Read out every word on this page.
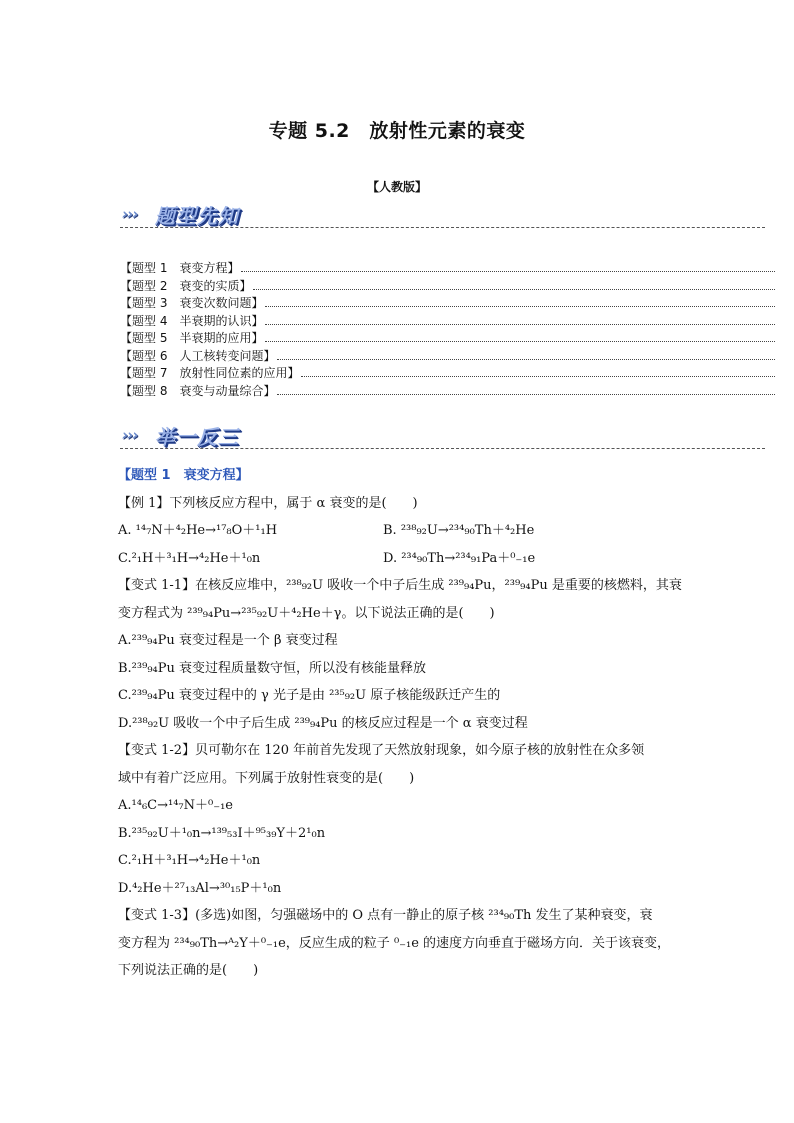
专题 5.2　放射性元素的衰变
【人教版】
››› 题型先知
【题型 1　衰变方程】
【题型 2　衰变的实质】
【题型 3　衰变次数问题】
【题型 4　半衰期的认识】
【题型 5　半衰期的应用】
【题型 6　人工核转变问题】
【题型 7　放射性同位素的应用】
【题型 8　衰变与动量综合】
››› 举一反三
【题型 1　衰变方程】
【例 1】下列核反应方程中，属于 α 衰变的是(　　)
A. ¹⁴₇N＋⁴₂He→¹⁷₈O＋¹₁H	B. ²³⁸₉₂U→²³⁴₉₀Th＋⁴₂He
C.²₁H＋³₁H→⁴₂He＋¹₀n	D. ²³⁴₉₀Th→²³⁴₉₁Pa＋⁰₋₁e
【变式 1-1】在核反应堆中，²³⁸₉₂U 吸收一个中子后生成 ²³⁹₉₄Pu，²³⁹₉₄Pu 是重要的核燃料，其衰
变方程式为 ²³⁹₉₄Pu→²³⁵₉₂U＋⁴₂He＋γ。以下说法正确的是(　　)
A.²³⁹₉₄Pu 衰变过程是一个 β 衰变过程
B.²³⁹₉₄Pu 衰变过程质量数守恒，所以没有核能量释放
C.²³⁹₉₄Pu 衰变过程中的 γ 光子是由 ²³⁵₉₂U 原子核能级跃迁产生的
D.²³⁸₉₂U 吸收一个中子后生成 ²³⁹₉₄Pu 的核反应过程是一个 α 衰变过程
【变式 1-2】贝可勒尔在 120 年前首先发现了天然放射现象，如今原子核的放射性在众多领
域中有着广泛应用。下列属于放射性衰变的是(　　)
A.¹⁴₆C→¹⁴₇N＋⁰₋₁e
B.²³⁵₉₂U＋¹₀n→¹³⁹₅₃I＋⁹⁵₃₉Y＋2¹₀n
C.²₁H＋³₁H→⁴₂He＋¹₀n
D.⁴₂He＋²⁷₁₃Al→³⁰₁₅P＋¹₀n
【变式 1-3】(多选)如图，匀强磁场中的 O 点有一静止的原子核 ²³⁴₉₀Th 发生了某种衰变，衰
变方程为 ²³⁴₉₀Th→ᴬ₂Y＋⁰₋₁e，反应生成的粒子 ⁰₋₁e 的速度方向垂直于磁场方向．关于该衰变，
下列说法正确的是(　　)
